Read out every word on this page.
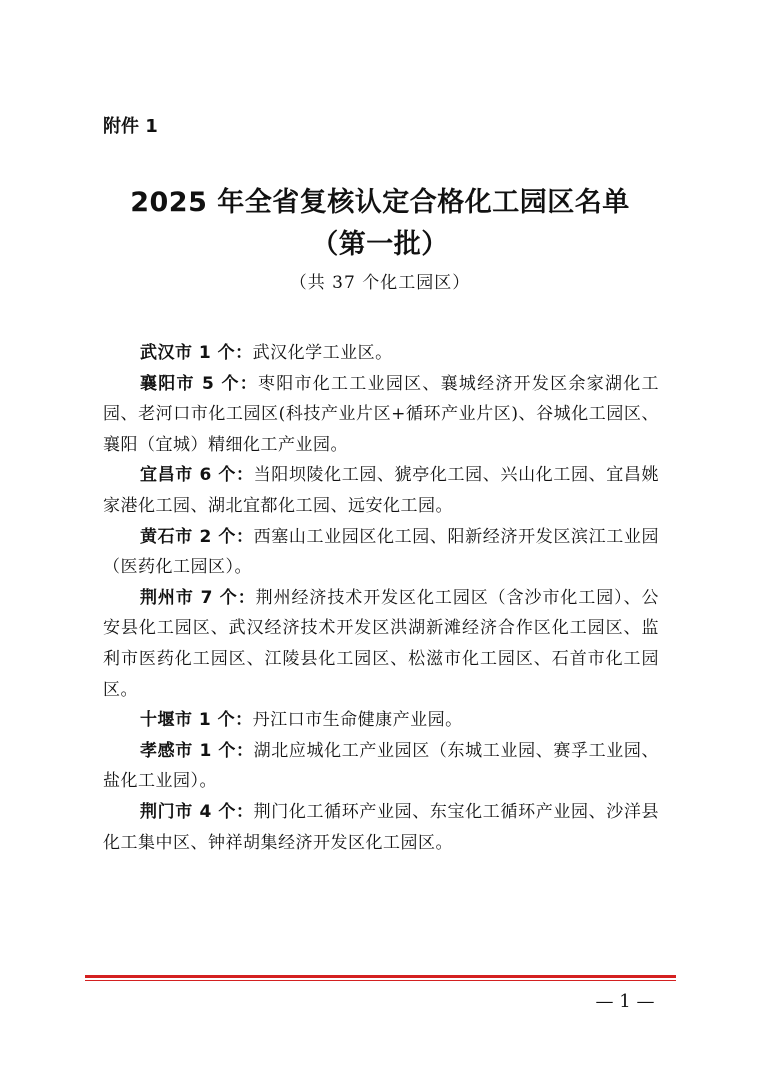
附件 1
2025 年全省复核认定合格化工园区名单
（第一批）
（共 37 个化工园区）

武汉市 1 个：武汉化学工业区。

襄阳市 5 个：枣阳市化工工业园区、襄城经济开发区余家湖化工园、老河口市化工园区(科技产业片区+循环产业片区)、谷城化工园区、襄阳（宜城）精细化工产业园。

宜昌市 6 个：当阳坝陵化工园、猇亭化工园、兴山化工园、宜昌姚家港化工园、湖北宜都化工园、远安化工园。

黄石市 2 个：西塞山工业园区化工园、阳新经济开发区滨江工业园（医药化工园区）。

荆州市 7 个：荆州经济技术开发区化工园区（含沙市化工园）、公安县化工园区、武汉经济技术开发区洪湖新滩经济合作区化工园区、监利市医药化工园区、江陵县化工园区、松滋市化工园区、石首市化工园区。

十堰市 1 个：丹江口市生命健康产业园。

孝感市 1 个：湖北应城化工产业园区（东城工业园、赛孚工业园、盐化工业园）。

荆门市 4 个：荆门化工循环产业园、东宝化工循环产业园、沙洋县化工集中区、钟祥胡集经济开发区化工园区。

— 1 —
